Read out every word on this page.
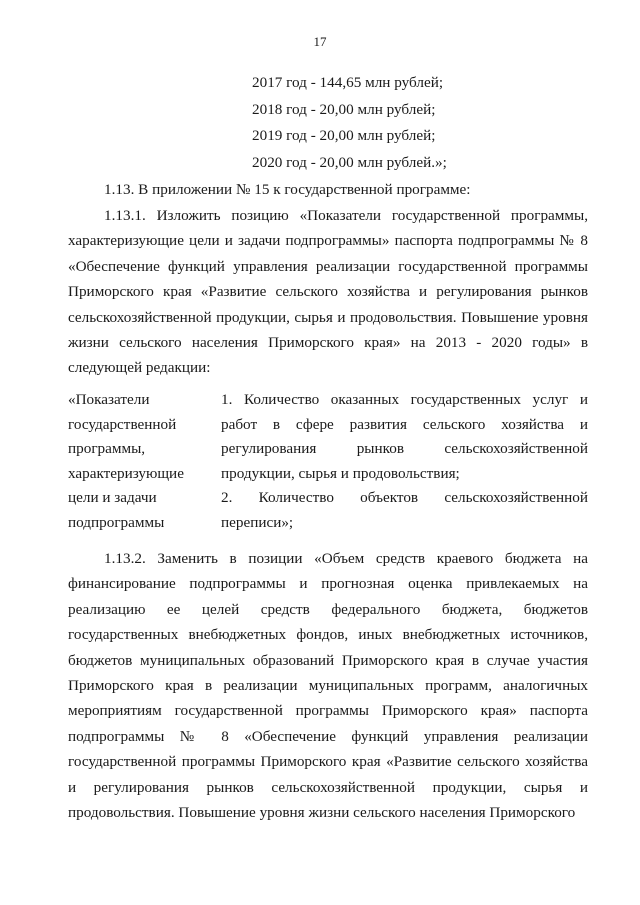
17
2017 год - 144,65 млн рублей;
2018 год - 20,00 млн рублей;
2019 год - 20,00 млн рублей;
2020 год - 20,00 млн рублей.»;
1.13. В приложении № 15 к государственной программе:

1.13.1. Изложить позицию «Показатели государственной программы, характеризующие цели и задачи подпрограммы» паспорта подпрограммы № 8 «Обеспечение функций управления реализации государственной программы Приморского края «Развитие сельского хозяйства и регулирования рынков сельскохозяйственной продукции, сырья и продовольствия. Повышение уровня жизни сельского населения Приморского края» на 2013 - 2020 годы» в следующей редакции:

«Показатели
государственной
программы,
характеризующие
цели и задачи
подпрограммы

1. Количество оказанных государственных услуг и работ в сфере развития сельского хозяйства и регулирования рынков сельскохозяйственной продукции, сырья и продовольствия;

2. Количество объектов сельскохозяйственной переписи»;

1.13.2. Заменить в позиции «Объем средств краевого бюджета на финансирование подпрограммы и прогнозная оценка привлекаемых на реализацию ее целей средств федерального бюджета, бюджетов государственных внебюджетных фондов, иных внебюджетных источников, бюджетов муниципальных образований Приморского края в случае участия Приморского края в реализации муниципальных программ, аналогичных мероприятиям государственной программы Приморского края» паспорта подпрограммы № 8 «Обеспечение функций управления реализации государственной программы Приморского края «Развитие сельского хозяйства и регулирования рынков сельскохозяйственной продукции, сырья и продовольствия. Повышение уровня жизни сельского населения Приморского
